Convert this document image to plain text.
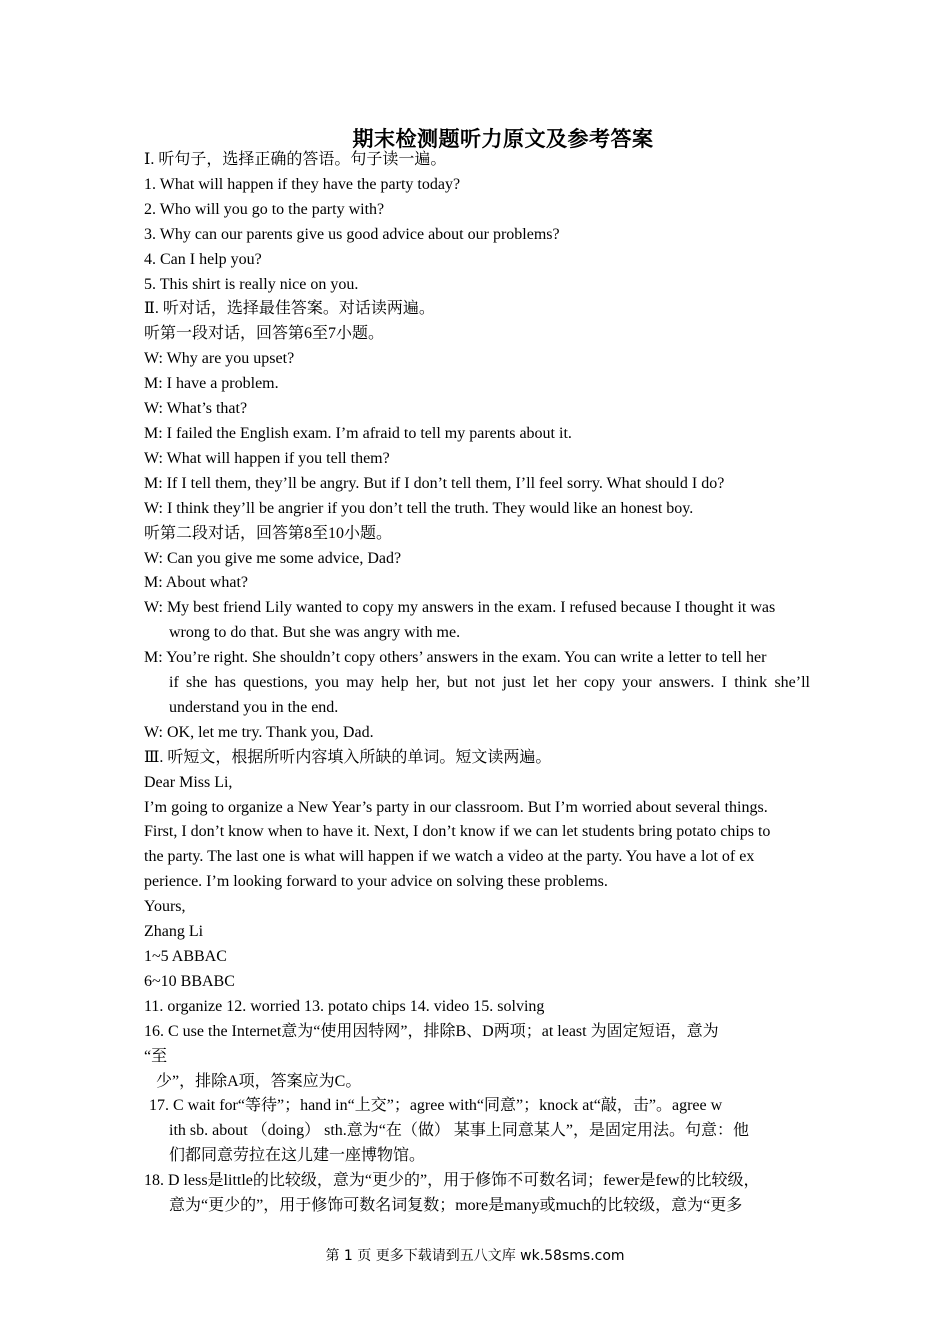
期末检测题听力原文及参考答案
Ⅰ. 听句子，选择正确的答语。句子读一遍。
1. What will happen if they have the party today?
2. Who will you go to the party with?
3. Why can our parents give us good advice about our problems?
4. Can I help you?
5. This shirt is really nice on you.
Ⅱ. 听对话，选择最佳答案。对话读两遍。
听第一段对话，回答第6至7小题。
W: Why are you upset?
M: I have a problem.
W: What’s that?
M: I failed the English exam. I’m afraid to tell my parents about it.
W: What will happen if you tell them?
M: If I tell them, they’ll be angry. But if I don’t tell them, I’ll feel sorry. What should I do?
W: I think they’ll be angrier if you don’t tell the truth. They would like an honest boy.
听第二段对话，回答第8至10小题。
W: Can you give me some advice, Dad?
M: About what?
W: My best friend Lily wanted to copy my answers in the exam. I refused because I thought it was
wrong to do that. But she was angry with me.
M: You’re right. She shouldn’t copy others’ answers in the exam. You can write a letter to tell her
if she has questions, you may help her, but not just let her copy your answers. I think she’ll
understand you in the end.
W: OK, let me try. Thank you, Dad.
Ⅲ. 听短文，根据所听内容填入所缺的单词。短文读两遍。
Dear Miss Li,
I’m going to organize a New Year’s party in our classroom. But I’m worried about several things.
First, I don’t know when to have it. Next, I don’t know if we can let students bring potato chips to
the party. The last one is what will happen if we watch a video at the party. You have a lot of ex
perience. I’m looking forward to your advice on solving these problems.
Yours,
Zhang Li
1~5 ABBAC
6~10 BBABC
11. organize 12. worried 13. potato chips 14. video 15. solving
16. C use the Internet意为“使用因特网”，排除B、D两项；at least 为固定短语，意为
“至
少”，排除A项，答案应为C。
17. C wait for“等待”；hand in“上交”；agree with“同意”；knock at“敲，击”。agree w
ith sb. about （doing） sth.意为“在（做） 某事上同意某人”，是固定用法。句意：他
们都同意劳拉在这儿建一座博物馆。
18. D less是little的比较级，意为“更少的”，用于修饰不可数名词；fewer是few的比较级，
意为“更少的”，用于修饰可数名词复数；more是many或much的比较级，意为“更多
第 1 页 更多下载请到五八文库 wk.58sms.com
